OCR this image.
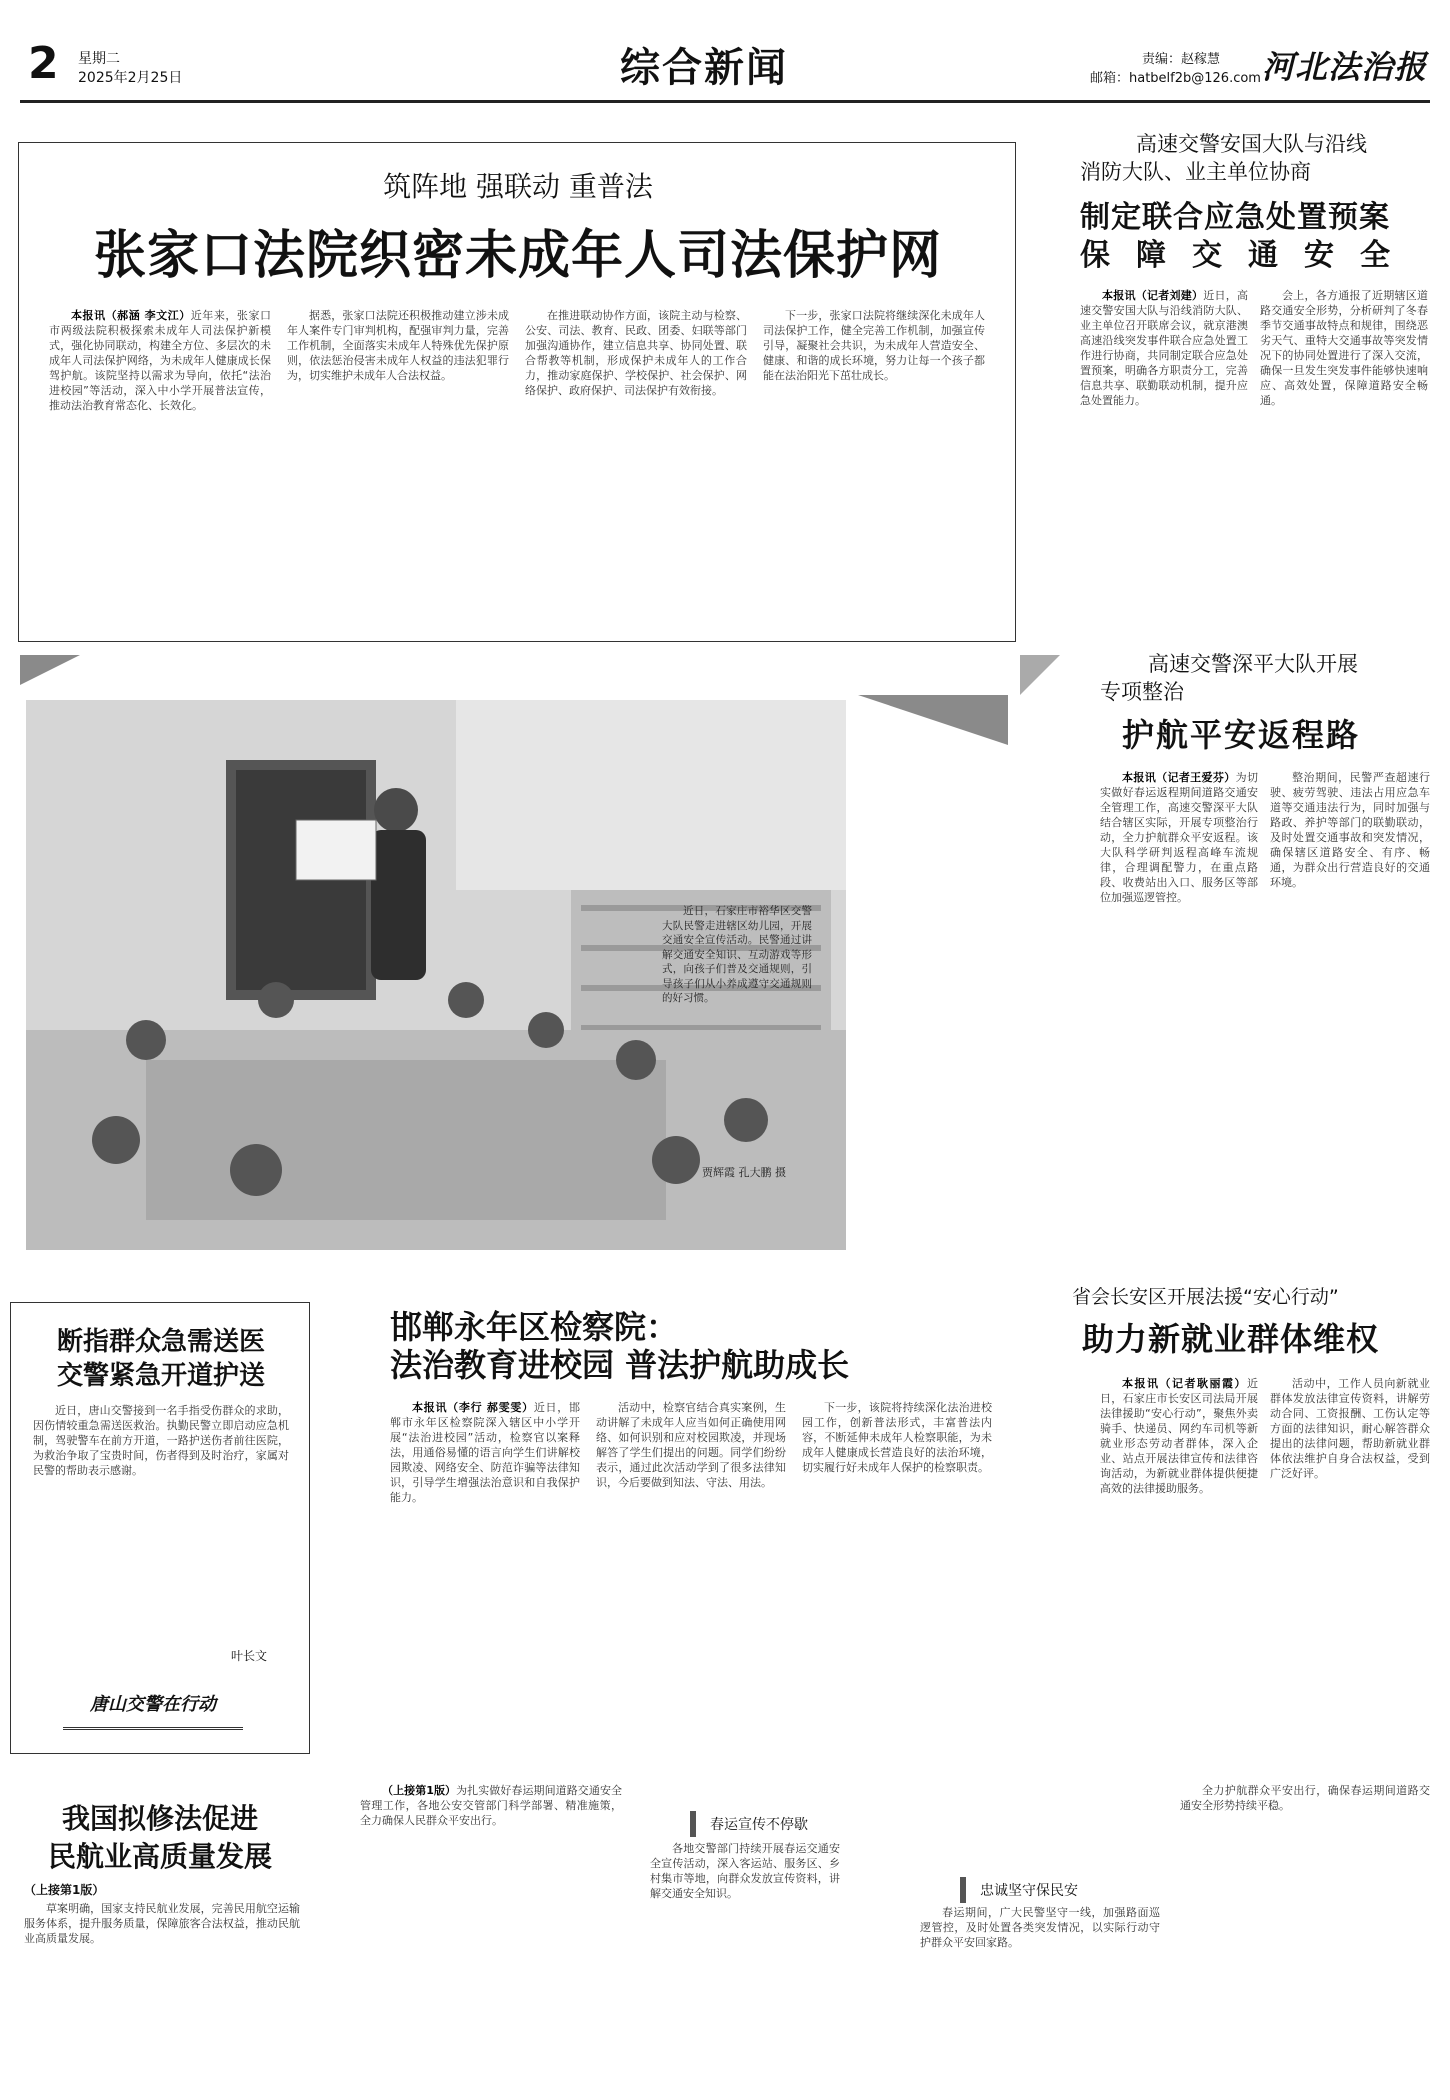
2 星期二
2025年2月25日	综合新闻	责编：赵稼慧
邮箱：hatbelf2b@126.com 河北法治报
筑阵地 强联动 重普法
张家口法院织密未成年人司法保护网

本报讯（郝涵 李文江）近年来，张家口市两级法院积极探索未成年人司法保护新模式，强化协同联动，构建全方位、多层次的未成年人司法保护网络，为未成年人健康成长保驾护航。该院坚持以需求为导向，依托“法治进校园”等活动，深入中小学开展普法宣传，推动法治教育常态化、长效化。

据悉，张家口法院还积极推动建立涉未成年人案件专门审判机构，配强审判力量，完善工作机制，全面落实未成年人特殊优先保护原则，依法惩治侵害未成年人权益的违法犯罪行为，切实维护未成年人合法权益。

在推进联动协作方面，该院主动与检察、公安、司法、教育、民政、团委、妇联等部门加强沟通协作，建立信息共享、协同处置、联合帮教等机制，形成保护未成年人的工作合力，推动家庭保护、学校保护、社会保护、网络保护、政府保护、司法保护有效衔接。

下一步，张家口法院将继续深化未成年人司法保护工作，健全完善工作机制，加强宣传引导，凝聚社会共识，为未成年人营造安全、健康、和谐的成长环境，努力让每一个孩子都能在法治阳光下茁壮成长。

高速交警安国大队与沿线
消防大队、业主单位协商
制定联合应急处置预案
保障交通安全

本报讯（记者刘建）近日，高速交警安国大队与沿线消防大队、业主单位召开联席会议，就京港澳高速沿线突发事件联合应急处置工作进行协商，共同制定联合应急处置预案，明确各方职责分工，完善信息共享、联勤联动机制，提升应急处置能力。

会上，各方通报了近期辖区道路交通安全形势，分析研判了冬春季节交通事故特点和规律，围绕恶劣天气、重特大交通事故等突发情况下的协同处置进行了深入交流，确保一旦发生突发事件能够快速响应、高效处置，保障道路安全畅通。

近日，石家庄市裕华区交警大队民警走进辖区幼儿园，开展交通安全宣传活动。民警通过讲解交通安全知识、互动游戏等形式，向孩子们普及交通规则，引导孩子们从小养成遵守交通规则的好习惯。

贾辉霞 孔大鹏 摄
高速交警深平大队开展
专项整治
护航平安返程路

本报讯（记者王爱芬）为切实做好春运返程期间道路交通安全管理工作，高速交警深平大队结合辖区实际，开展专项整治行动，全力护航群众平安返程。该大队科学研判返程高峰车流规律，合理调配警力，在重点路段、收费站出入口、服务区等部位加强巡逻管控。

整治期间，民警严查超速行驶、疲劳驾驶、违法占用应急车道等交通违法行为，同时加强与路政、养护等部门的联勤联动，及时处置交通事故和突发情况，确保辖区道路安全、有序、畅通，为群众出行营造良好的交通环境。

断指群众急需送医
交警紧急开道护送

近日，唐山交警接到一名手指受伤群众的求助，因伤情较重急需送医救治。执勤民警立即启动应急机制，驾驶警车在前方开道，一路护送伤者前往医院，为救治争取了宝贵时间，伤者得到及时治疗，家属对民警的帮助表示感谢。

叶长文
唐山交警在行动
邯郸永年区检察院：
法治教育进校园 普法护航助成长

本报讯（李行 郝雯雯）近日，邯郸市永年区检察院深入辖区中小学开展“法治进校园”活动，检察官以案释法，用通俗易懂的语言向学生们讲解校园欺凌、网络安全、防范诈骗等法律知识，引导学生增强法治意识和自我保护能力。

活动中，检察官结合真实案例，生动讲解了未成年人应当如何正确使用网络、如何识别和应对校园欺凌，并现场解答了学生们提出的问题。同学们纷纷表示，通过此次活动学到了很多法律知识，今后要做到知法、守法、用法。

下一步，该院将持续深化法治进校园工作，创新普法形式，丰富普法内容，不断延伸未成年人检察职能，为未成年人健康成长营造良好的法治环境，切实履行好未成年人保护的检察职责。

省会长安区开展法援“安心行动”
助力新就业群体维权

本报讯（记者耿丽霞）近日，石家庄市长安区司法局开展法律援助“安心行动”，聚焦外卖骑手、快递员、网约车司机等新就业形态劳动者群体，深入企业、站点开展法律宣传和法律咨询活动，为新就业群体提供便捷高效的法律援助服务。

活动中，工作人员向新就业群体发放法律宣传资料，讲解劳动合同、工资报酬、工伤认定等方面的法律知识，耐心解答群众提出的法律问题，帮助新就业群体依法维护自身合法权益，受到广泛好评。

我国拟修法促进
民航业高质量发展
（上接第1版）

草案明确，国家支持民航业发展，完善民用航空运输服务体系，提升服务质量，保障旅客合法权益，推动民航业高质量发展。

（上接第1版）为扎实做好春运期间道路交通安全管理工作，各地公安交管部门科学部署、精准施策，全力确保人民群众平安出行。	春运宣传不停歇

各地交警部门持续开展春运交通安全宣传活动，深入客运站、服务区、乡村集市等地，向群众发放宣传资料，讲解交通安全知识。	忠诚坚守保民安

春运期间，广大民警坚守一线，加强路面巡逻管控，及时处置各类突发情况，以实际行动守护群众平安回家路。

全力护航群众平安出行，确保春运期间道路交通安全形势持续平稳。
